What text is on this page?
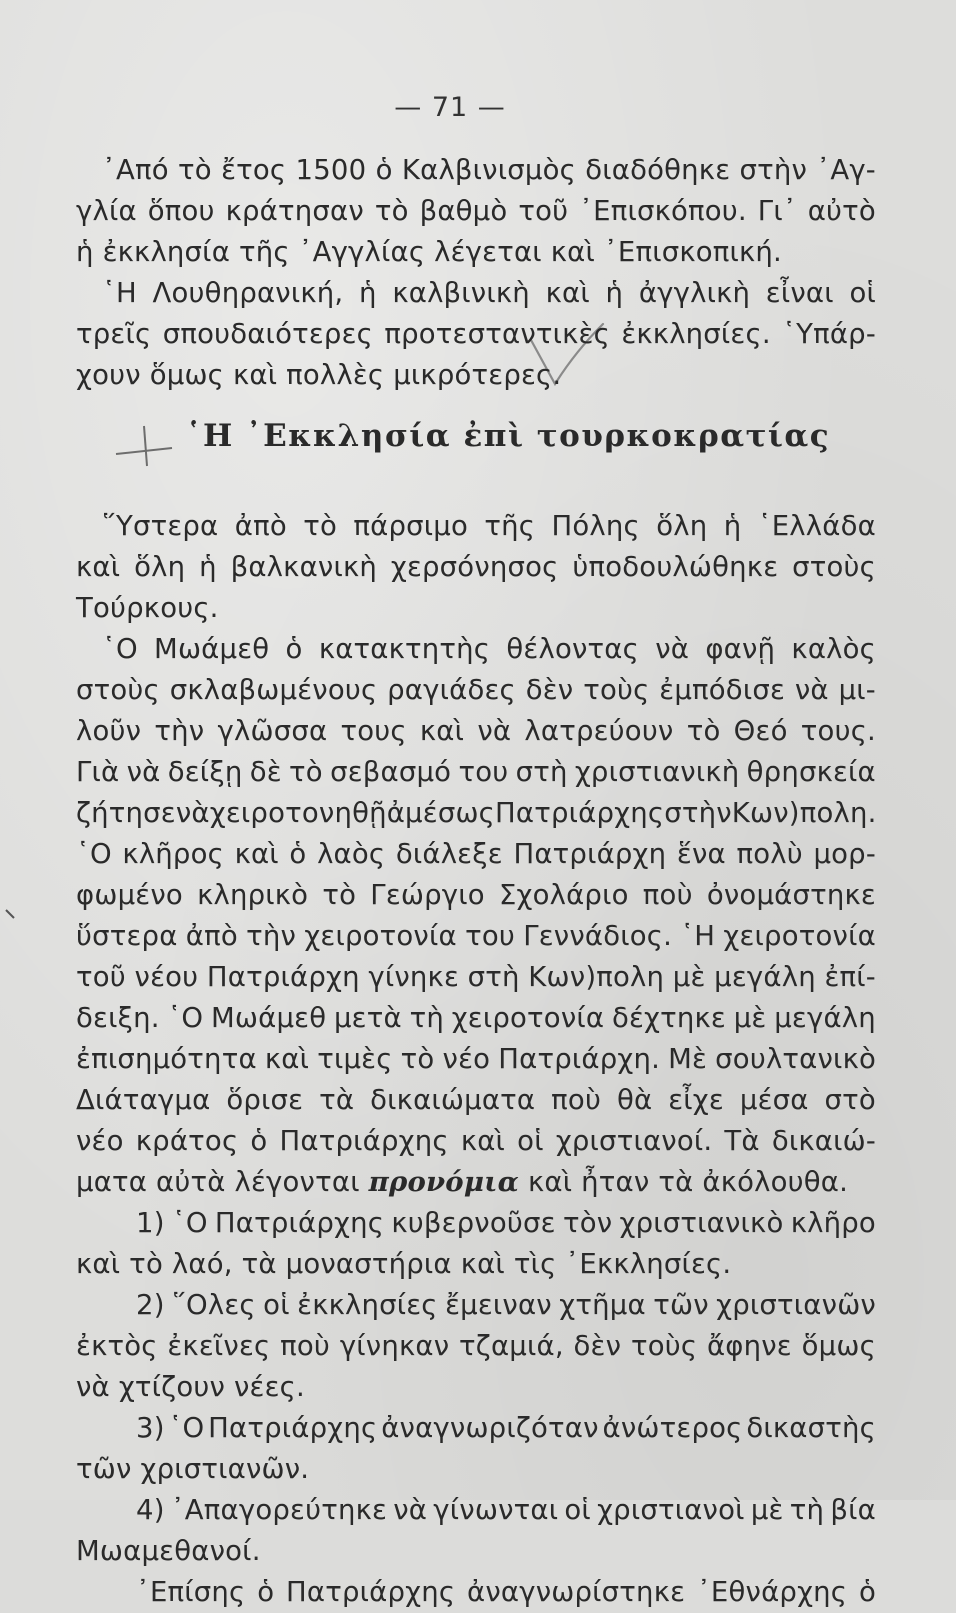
— 71 —
᾿Από τὸ ἔτος 1500 ὁ Καλβινισμὸς διαδόθηκε στὴν ᾿Αγ-
γλία ὅπου κράτησαν τὸ βαθμὸ τοῦ ᾿Επισκόπου. Γι᾿ αὐτὸ
ἡ ἐκκλησία τῆς ᾿Αγγλίας λέγεται καὶ ᾿Επισκοπική.
῾Η Λουθηρανική, ἡ καλβινικὴ καὶ ἡ ἀγγλικὴ εἶναι οἱ
τρεῖς σπουδαιότερες προτεσταντικὲς ἐκκλησίες. ῾Υπάρ-
χουν ὅμως καὶ πολλὲς μικρότερες.
῾Η ᾿Εκκλησία ἐπὶ τουρκοκρατίας
῞Υστερα ἀπὸ τὸ πάρσιμο τῆς Πόλης ὅλη ἡ ῾Ελλάδα
καὶ ὅλη ἡ βαλκανικὴ χερσόνησος ὑποδουλώθηκε στοὺς
Τούρκους.
῾Ο Μωάμεθ ὁ κατακτητὴς θέλοντας νὰ φανῇ καλὸς
στοὺς σκλαβωμένους ραγιάδες δὲν τοὺς ἐμπόδισε νὰ μι-
λοῦν τὴν γλῶσσα τους καὶ νὰ λατρεύουν τὸ Θεό τους.
Γιὰ νὰ δείξῃ δὲ τὸ σεβασμό του στὴ χριστιανικὴ θρησκεία
ζήτησε νὰ χειροτονηθῇ ἀμέσως Πατριάρχης στὴν Κων)πολη.
῾Ο κλῆρος καὶ ὁ λαὸς διάλεξε Πατριάρχη ἕνα πολὺ μορ-
φωμένο κληρικὸ τὸ Γεώργιο Σχολάριο ποὺ ὀνομάστηκε
ὕστερα ἀπὸ τὴν χειροτονία του Γεννάδιος. ῾Η χειροτονία
τοῦ νέου Πατριάρχη γίνηκε στὴ Κων)πολη μὲ μεγάλη ἐπί-
δειξη. ῾Ο Μωάμεθ μετὰ τὴ χειροτονία δέχτηκε μὲ μεγάλη
ἐπισημότητα καὶ τιμὲς τὸ νέο Πατριάρχη. Μὲ σουλτανικὸ
Διάταγμα ὅρισε τὰ δικαιώματα ποὺ θὰ εἶχε μέσα στὸ
νέο κράτος ὁ Πατριάρχης καὶ οἱ χριστιανοί. Τὰ δικαιώ-
ματα αὐτὰ λέγονται προνόμια καὶ ἦταν τὰ ἀκόλουθα.
1) ῾Ο Πατριάρχης κυβερνοῦσε τὸν χριστιανικὸ κλῆρο
καὶ τὸ λαό, τὰ μοναστήρια καὶ τὶς ᾿Εκκλησίες.
2) ῞Ολες οἱ ἐκκλησίες ἔμειναν χτῆμα τῶν χριστιανῶν
ἐκτὸς ἐκεῖνες ποὺ γίνηκαν τζαμιά, δὲν τοὺς ἄφηνε ὅμως
νὰ χτίζουν νέες.
3) ῾Ο Πατριάρχης ἀναγνωριζόταν ἀνώτερος δικαστὴς
τῶν χριστιανῶν.
4) ᾿Απαγορεύτηκε νὰ γίνωνται οἱ χριστιανοὶ μὲ τὴ βία
Μωαμεθανοί.
᾿Επίσης ὁ Πατριάρχης ἀναγνωρίστηκε ᾿Εθνάρχης ὁ
